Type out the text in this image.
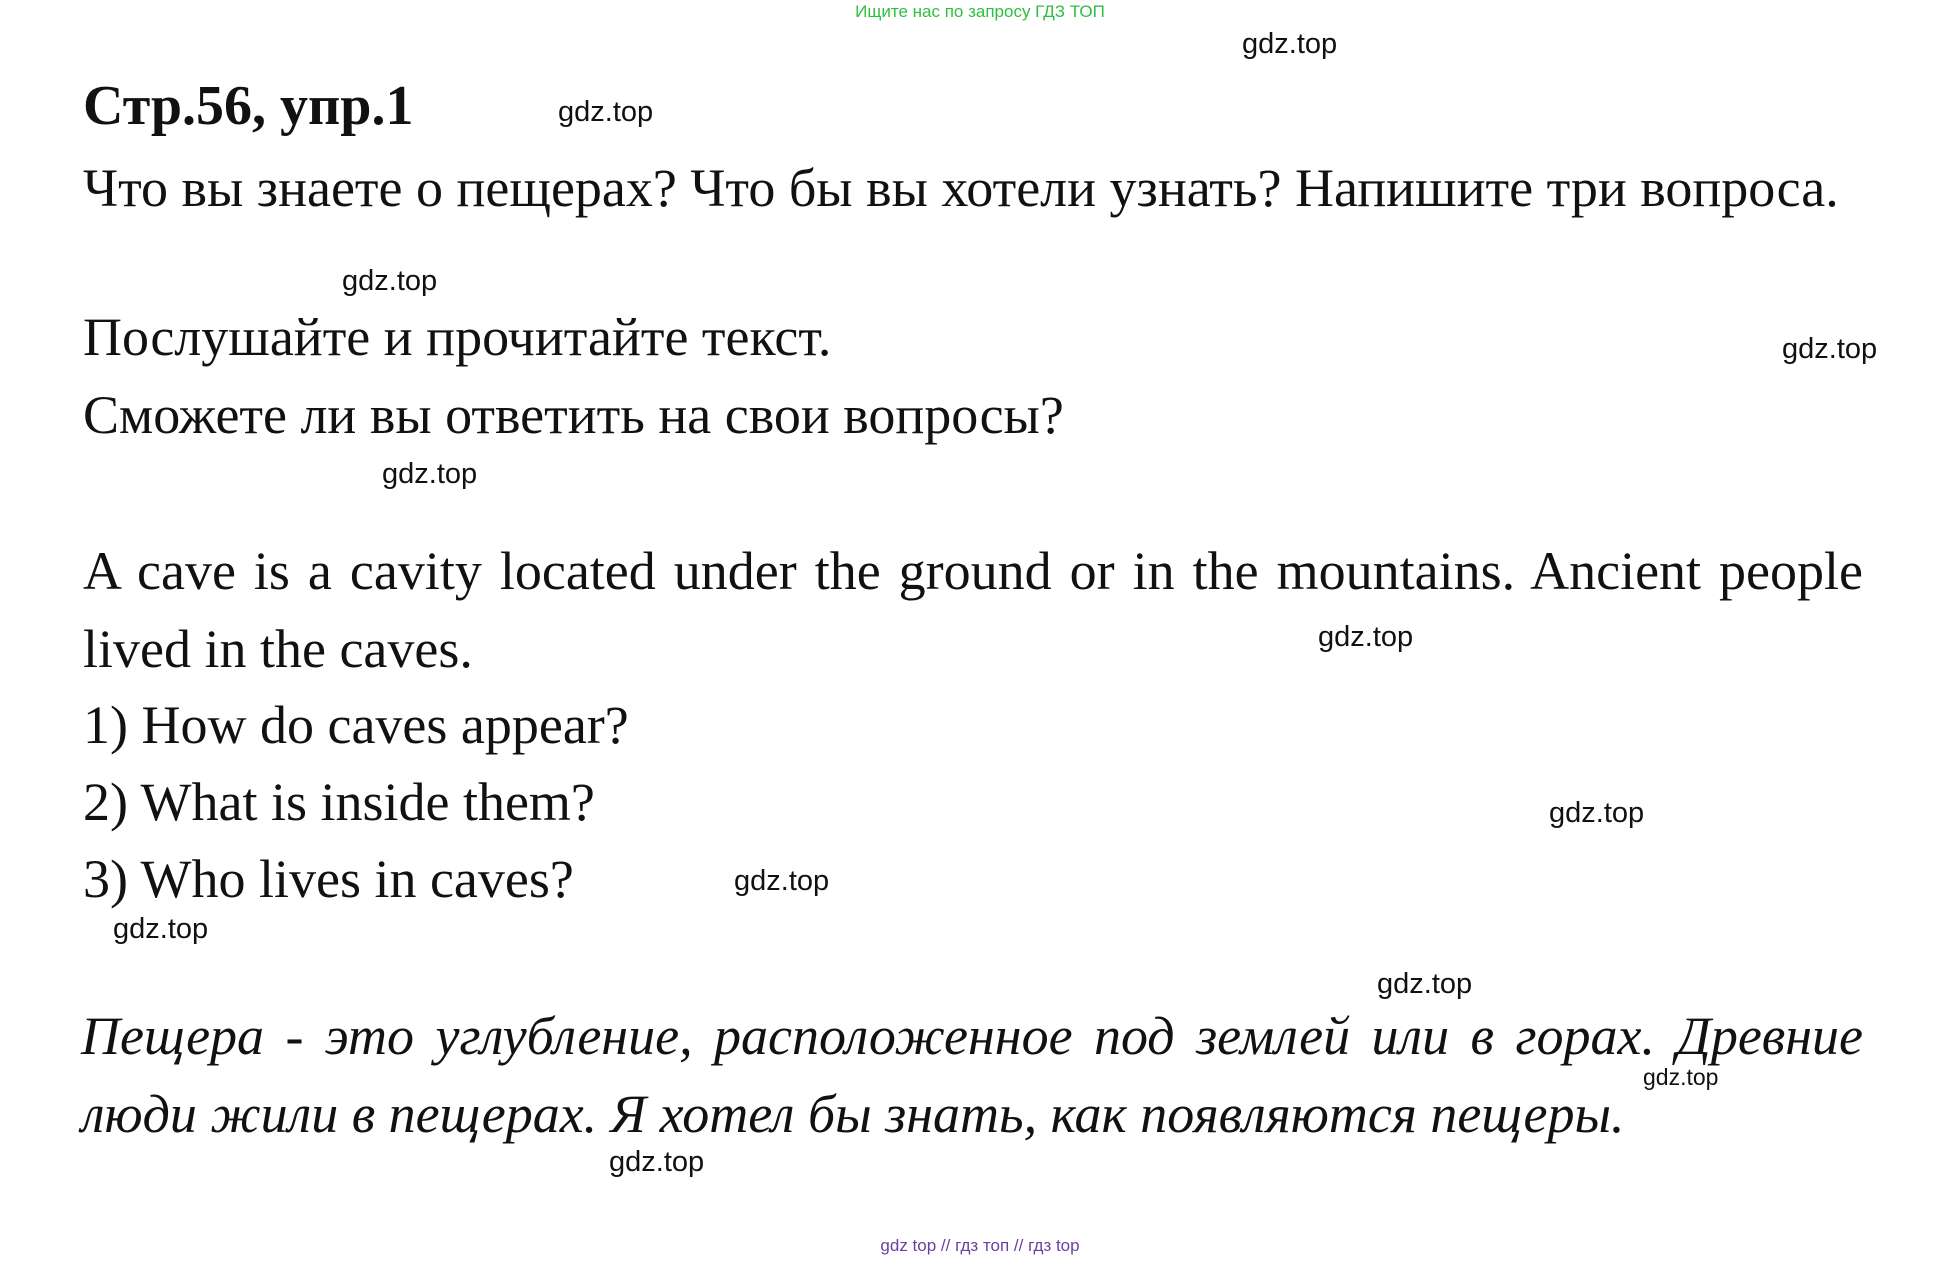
Ищите нас по запросу ГДЗ ТОП
Стр.56, упр.1
Что вы знаете о пещерах? Что бы вы хотели узнать? Напишите три вопроса.
Послушайте и прочитайте текст.
Сможете ли вы ответить на свои вопросы?
A cave is a cavity located under the ground or in the mountains. Ancient people lived in the caves.
1) How do caves appear?
2) What is inside them?
3) Who lives in caves?
Пещера - это углубление, расположенное под землей или в горах. Древние люди жили в пещерах. Я хотел бы знать, как появляются пещеры.
gdz.top
gdz.top
gdz.top
gdz.top
gdz.top
gdz.top
gdz.top
gdz.top
gdz.top
gdz.top
gdz.top
gdz.top
gdz top // гдз топ // гдз top
